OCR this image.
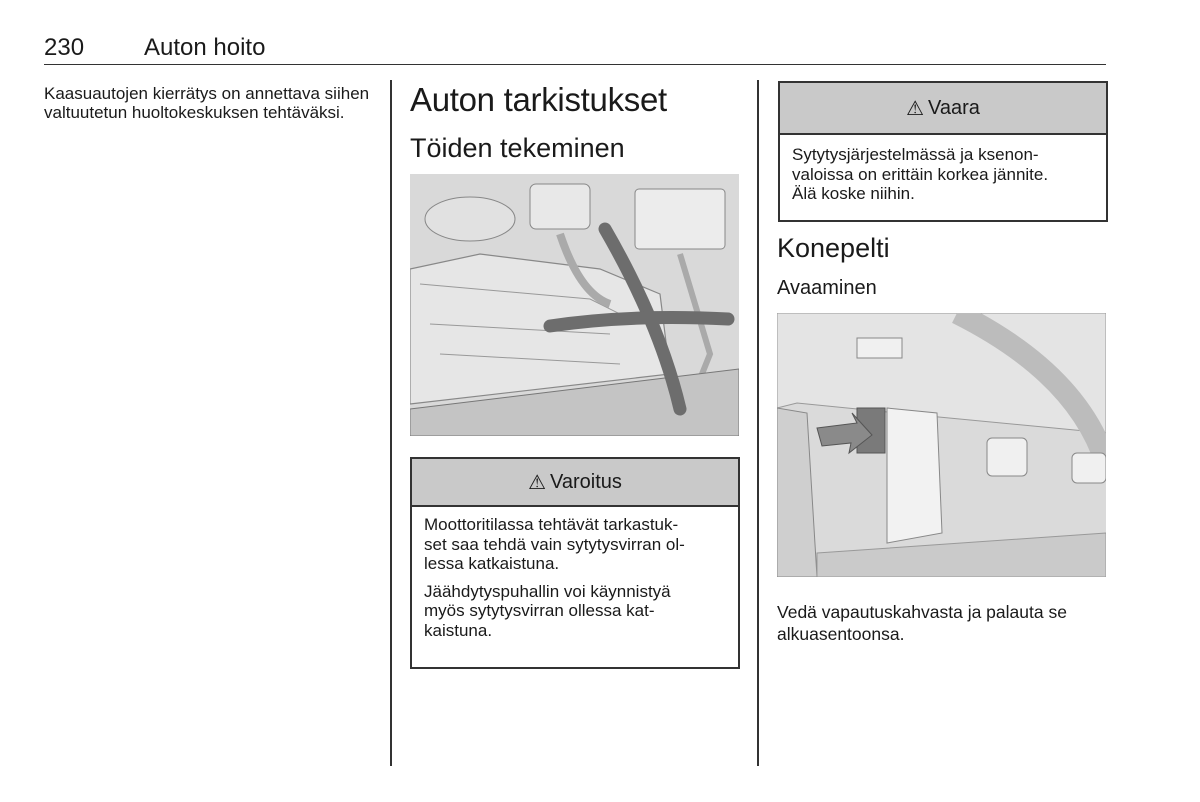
230 Auton hoito

Kaasuautojen kierrätys on annettava siihen valtuutetun huoltokeskuksen tehtäväksi.	Auton tarkistukset
Töiden tekeminen
⚠ Varoitus

Moottoritilassa tehtävät tarkastuk-
set saa tehdä vain sytytysvirran ol-
lessa katkaistuna.

Jäähdytyspuhallin voi käynnistyä
myös sytytysvirran ollessa kat-
kaistuna.

⚠ Vaara

Sytytysjärjestelmässä ja ksenon-
valoissa on erittäin korkea jännite.
Älä koske niihin.

Konepelti
Avaaminen

Vedä vapautuskahvasta ja palauta se
alkuasentoonsa.
